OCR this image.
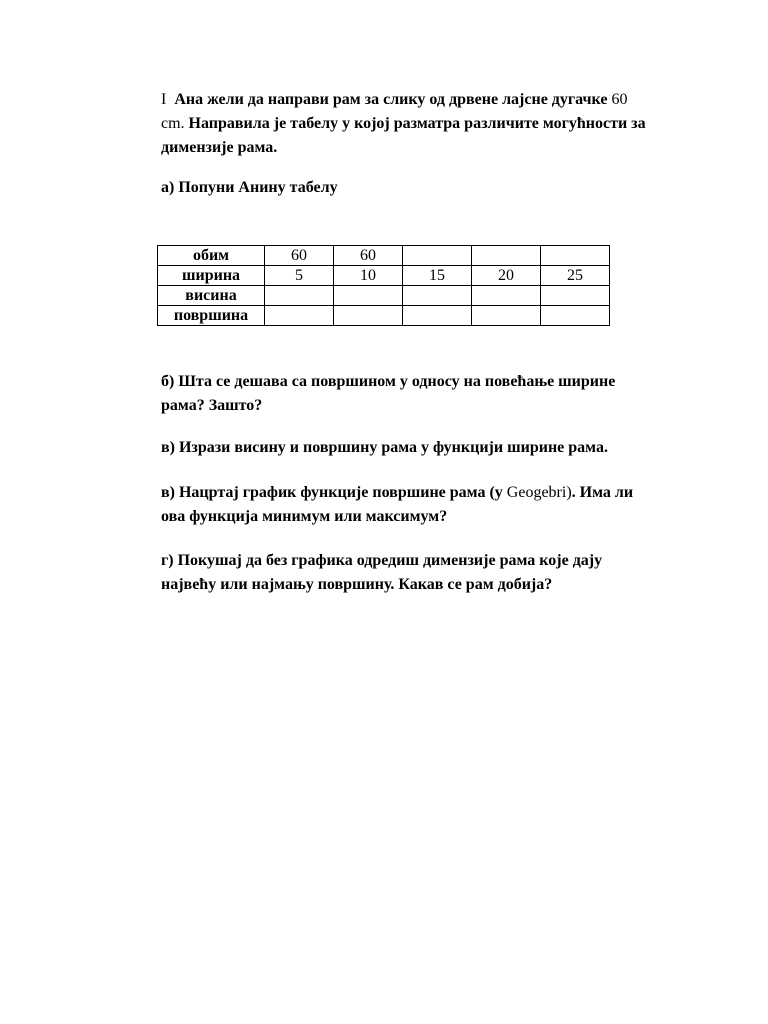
I Ана жели да направи рам за слику од дрвене лајсне дугачке 60
cm. Направила је табелу у којој разматра различите могућности за
димензије рама.

а) Попуни Анину табелу

обим	60	60			
ширина	5	10	15	20	25
висина					
површина					

б) Шта се дешава са површином у односу на повећање ширине
рама? Зашто?

в) Изрази висину и површину рама у функцији ширине рама.

в) Нацртај график функције површине рама (у Geogebri). Има ли
ова функција минимум или максимум?

г) Покушај да без графика одредиш димензије рама које дају
највећу или најмању површину. Какав се рам добија?
